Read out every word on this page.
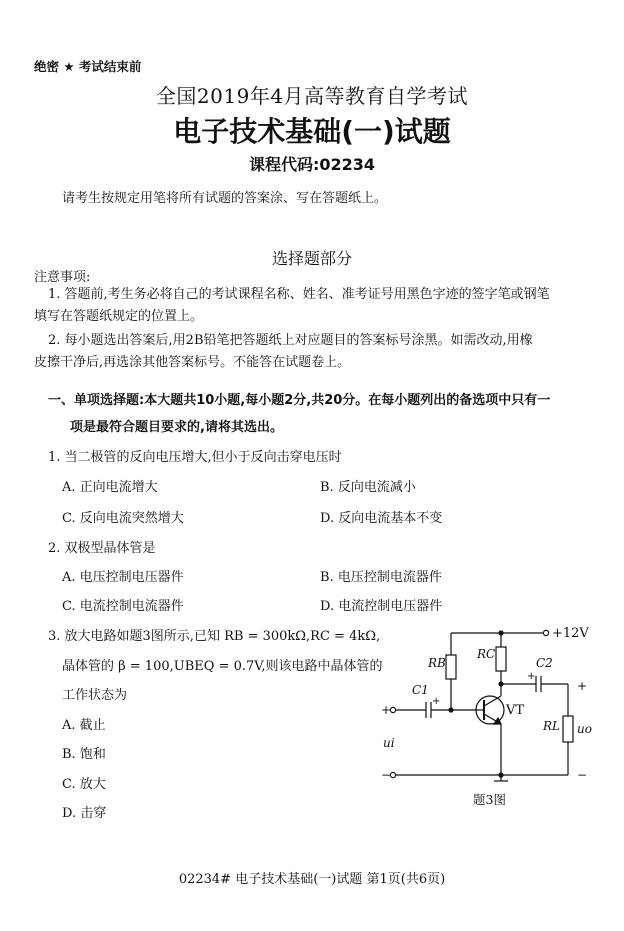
绝密 ★ 考试结束前
全国2019年4月高等教育自学考试
电子技术基础(一)试题
课程代码:02234
请考生按规定用笔将所有试题的答案涂、写在答题纸上。
选择题部分
注意事项:
1. 答题前,考生务必将自己的考试课程名称、姓名、准考证号用黑色字迹的签字笔或钢笔
填写在答题纸规定的位置上。
2. 每小题选出答案后,用2B铅笔把答题纸上对应题目的答案标号涂黑。如需改动,用橡
皮擦干净后,再选涂其他答案标号。不能答在试题卷上。
一、单项选择题:本大题共10小题,每小题2分,共20分。在每小题列出的备选项中只有一
项是最符合题目要求的,请将其选出。
1. 当二极管的反向电压增大,但小于反向击穿电压时
A. 正向电流增大	B. 反向电流减小
C. 反向电流突然增大	D. 反向电流基本不变
2. 双极型晶体管是
A. 电压控制电压器件	B. 电压控制电流器件
C. 电流控制电流器件	D. 电流控制电压器件
3. 放大电路如题3图所示,已知 RB = 300kΩ,RC = 4kΩ,
晶体管的 β = 100,UBEQ = 0.7V,则该电路中晶体管的
工作状态为
A. 截止
B. 饱和
C. 放大
D. 击穿
+12V
RB
RC
+
+
C1
VT
+
C2
RL uo
+
−
ui
−
题3图
02234# 电子技术基础(一)试题 第1页(共6页)
